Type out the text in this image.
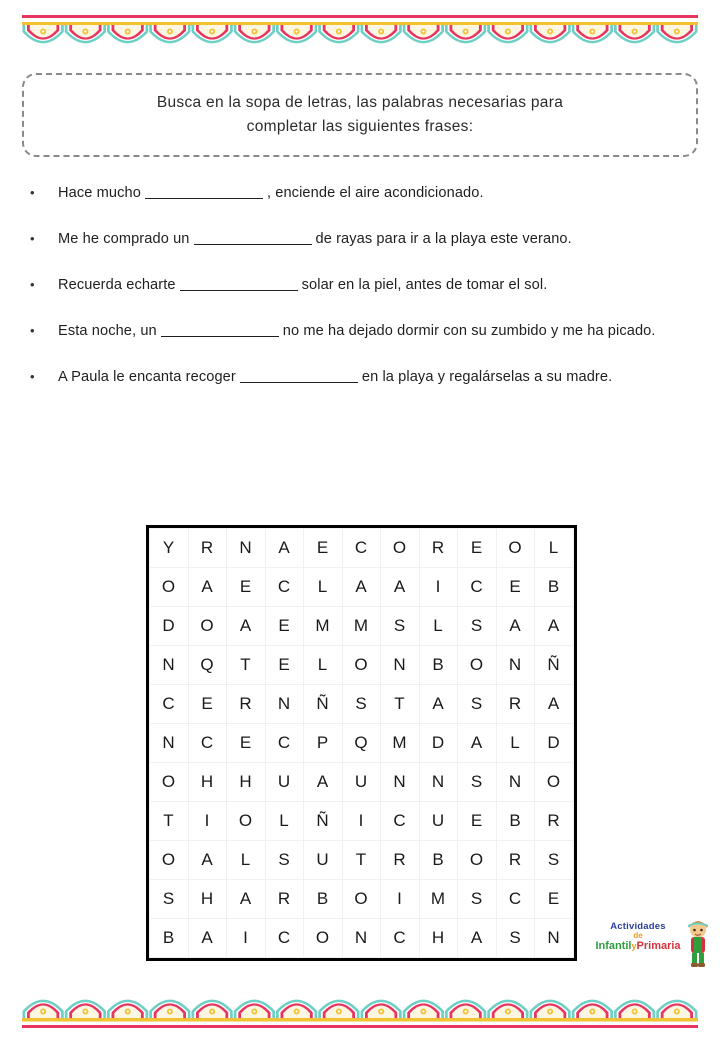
Busca en la sopa de letras, las palabras necesarias para
completar las siguientes frases:
•	Hace mucho	, enciende el aire acondicionado.
•	Me he comprado un	de rayas para ir a la playa este verano.
•	Recuerda echarte	solar en la piel, antes de tomar el sol.
•	Esta noche, un	no me ha dejado dormir con su zumbido y me ha picado.
•	A Paula le encanta recoger	en la playa y regalárselas a su madre.
Y	R	N	A	E	C	O	R	E	O	L
O	A	E	C	L	A	A	I	C	E	B
D	O	A	E	M	M	S	L	S	A	A
N	Q	T	E	L	O	N	B	O	N	Ñ
C	E	R	N	Ñ	S	T	A	S	R	A
N	C	E	C	P	Q	M	D	A	L	D
O	H	H	U	A	U	N	N	S	N	O
T	I	O	L	Ñ	I	C	U	E	B	R
O	A	L	S	U	T	R	B	O	R	S
S	H	A	R	B	O	I	M	S	C	E
B	A	I	C	O	N	C	H	A	S	N
Actividades
de
InfantilyPrimaria
